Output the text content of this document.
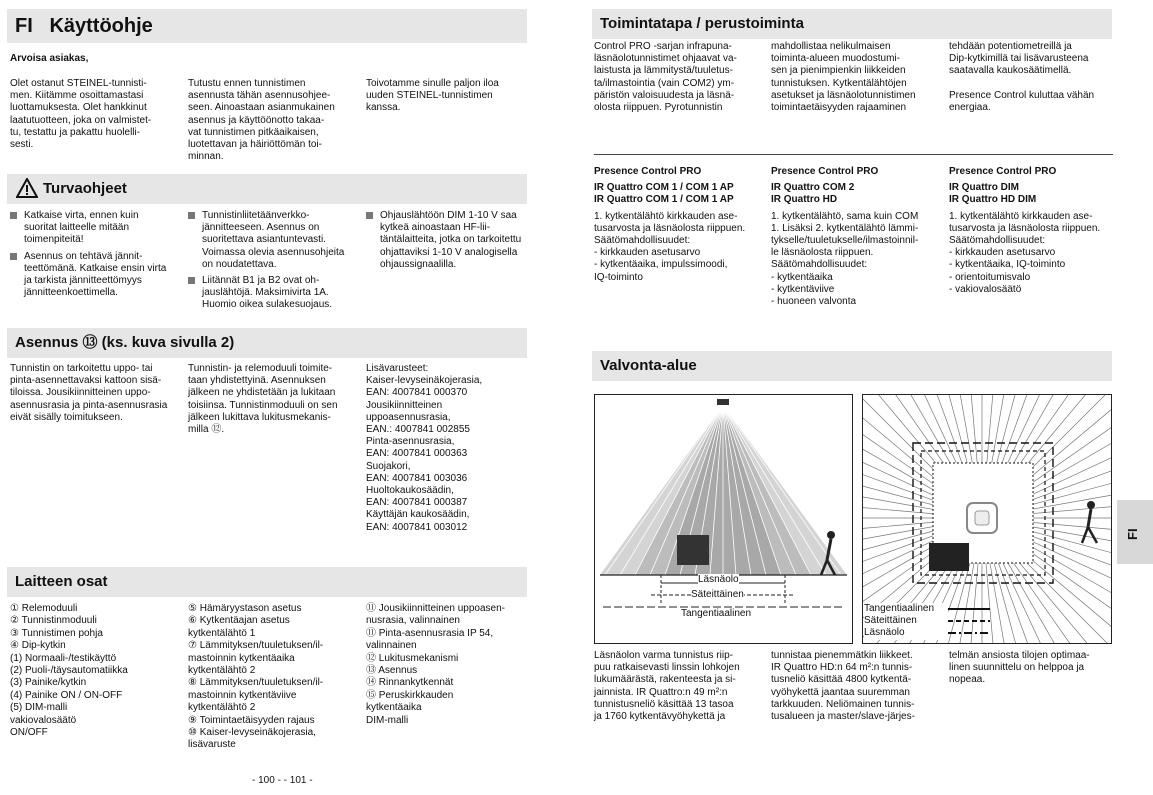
FI Käyttöohje
Arvoisa asiakas,
Olet ostanut STEINEL-tunnisti-
men. Kiitämme osoittamastasi
luottamuksesta. Olet hankkinut
laatutuotteen, joka on valmistet-
tu, testattu ja pakattu huolelli-
sesti.
Tutustu ennen tunnistimen
asennusta tähän asennusohjee-
seen. Ainoastaan asianmukainen
asennus ja käyttöönotto takaa-
vat tunnistimen pitkäaikaisen,
luotettavan ja häiriöttömän toi-
minnan.
Toivotamme sinulle paljon iloa
uuden STEINEL-tunnistimen
kanssa.
Turvaohjeet
Katkaise virta, ennen kuin suoritat laitteelle mitään toimenpiteitä!
Asennus on tehtävä jännitteettömänä. Katkaise ensin virta ja tarkista jännitteettömyys jännitteenkoettimella.
Tunnistinliitetäänverkkojännitteeseen. Asennus on suoritettava asiantuntevasti. Voimassa olevia asennusohjeita on noudatettava.
Liitännät B1 ja B2 ovat ohjauslähtöjä. Maksimivirta 1A. Huomio oikea sulakesuojaus.
Ohjauslähtöön DIM 1-10 V saa kytkeä ainoastaan HF-liitäntälaitteita, jotka on tarkoitettu ohjattaviksi 1-10 V analogisella ohjaussignaalilla.
Asennus ⑬ (ks. kuva sivulla 2)
Tunnistin on tarkoitettu uppo- tai
pinta-asennettavaksi kattoon sisä-
tiloissa. Jousikiinnitteinen uppo-
asennusrasia ja pinta-asennusrasia
eivät sisälly toimitukseen.
Tunnistin- ja relemoduuli toimite-
taan yhdistettyinä. Asennuksen
jälkeen ne yhdistetään ja lukitaan
toisiinsa. Tunnistinmoduuli on sen
jälkeen lukittava lukitusmekanis-
milla ⑫.
Lisävarusteet:
Kaiser-levyseinäkojerasia,
EAN: 4007841 000370
Jousikiinnitteinen
uppoasennusrasia,
EAN.: 4007841 002855
Pinta-asennusrasia,
EAN: 4007841 000363
Suojakori,
EAN: 4007841 003036
Huoltokaukosäädin,
EAN: 4007841 000387
Käyttäjän kaukosäädin,
EAN: 4007841 003012
Laitteen osat
① Relemoduuli
② Tunnistinmoduuli
③ Tunnistimen pohja
④ Dip-kytkin
(1) Normaali-/testikäyttö
(2) Puoli-/täysautomatiikka
(3) Painike/kytkin
(4) Painike ON / ON-OFF
(5) DIM-malli
vakiovalosäätö
ON/OFF
⑤ Hämäryystason asetus
⑥ Kytkentäajan asetus
kytkentälähtö 1
⑦ Lämmityksen/tuuletuksen/il-
mastoinnin kytkentäaika
kytkentälähtö 2
⑧ Lämmityksen/tuuletuksen/il-
mastoinnin kytkentäviive
kytkentälähtö 2
⑨ Toimintaetäisyyden rajaus
⑩ Kaiser-levyseinäkojerasia,
lisävaruste
⑪ Jousikiinnitteinen uppoasen-
nusrasia, valinnainen
⑪ Pinta-asennusrasia IP 54,
valinnainen
⑫ Lukitusmekanismi
⑬ Asennus
⑭ Rinnankytkennät
⑮ Peruskirkkauden
kytkentäaika
DIM-malli
- 100 - - 101 -
Toimintatapa / perustoiminta
Control PRO -sarjan infrapuna-
läsnäolotunnistimet ohjaavat va-
laistusta ja lämmitystä/tuuletus-
ta/ilmastointia (vain COM2) ym-
päristön valoisuudesta ja läsnä-
olosta riippuen. Pyrotunnistin
mahdollistaa nelikulmaisen
toiminta-alueen muodostumi-
sen ja pienimpienkin liikkeiden
tunnistuksen. Kytkentälähtöjen
asetukset ja läsnäolotunnistimen
toimintaetäisyyden rajaaminen
tehdään potentiometreillä ja
Dip-kytkimillä tai lisävarusteena
saatavalla kaukosäätimellä.

Presence Control kuluttaa vähän
energiaa.
Presence Control PRO
IR Quattro COM 1 / COM 1 AP
IR Quattro COM 1 / COM 1 AP
1. kytkentälähtö kirkkauden ase-
tusarvosta ja läsnäolosta riippuen.
Säätömahdollisuudet:
- kirkkauden asetusarvo
- kytkentäaika, impulssimoodi,
IQ-toiminto
Presence Control PRO
IR Quattro COM 2
IR Quattro HD
1. kytkentälähtö, sama kuin COM
1. Lisäksi 2. kytkentälähtö lämmi-
tykselle/tuuletukselle/ilmastoinnil-
le läsnäolosta riippuen.
Säätömahdollisuudet:
- kytkentäaika
- kytkentäviive
- huoneen valvonta
Presence Control PRO
IR Quattro DIM
IR Quattro HD DIM
1. kytkentälähtö kirkkauden ase-
tusarvosta ja läsnäolosta riippuen.
Säätömahdollisuudet:
- kirkkauden asetusarvo
- kytkentäaika, IQ-toiminto
- orientoitumisvalo
- vakiovalosäätö
Valvonta-alue
Läsnäolo
Säteittäinen
Tangentiaalinen	Tangentiaalinen
Säteittäinen
Läsnäolo
Läsnäolon varma tunnistus riip-
puu ratkaisevasti linssin lohkojen
lukumäärästä, rakenteesta ja si-
jainnista. IR Quattro:n 49 m²:n
tunnistusneliö käsittää 13 tasoa
ja 1760 kytkentävyöhykettä ja
tunnistaa pienemmätkin liikkeet.
IR Quattro HD:n 64 m²:n tunnis-
tusneliö käsittää 4800 kytkentä-
vyöhykettä jaantaa suuremman
tarkkuuden. Neliömainen tunnis-
tusalueen ja master/slave-järjes-
telmän ansiosta tilojen optimaa-
linen suunnittelu on helppoa ja
nopeaa.
FI
